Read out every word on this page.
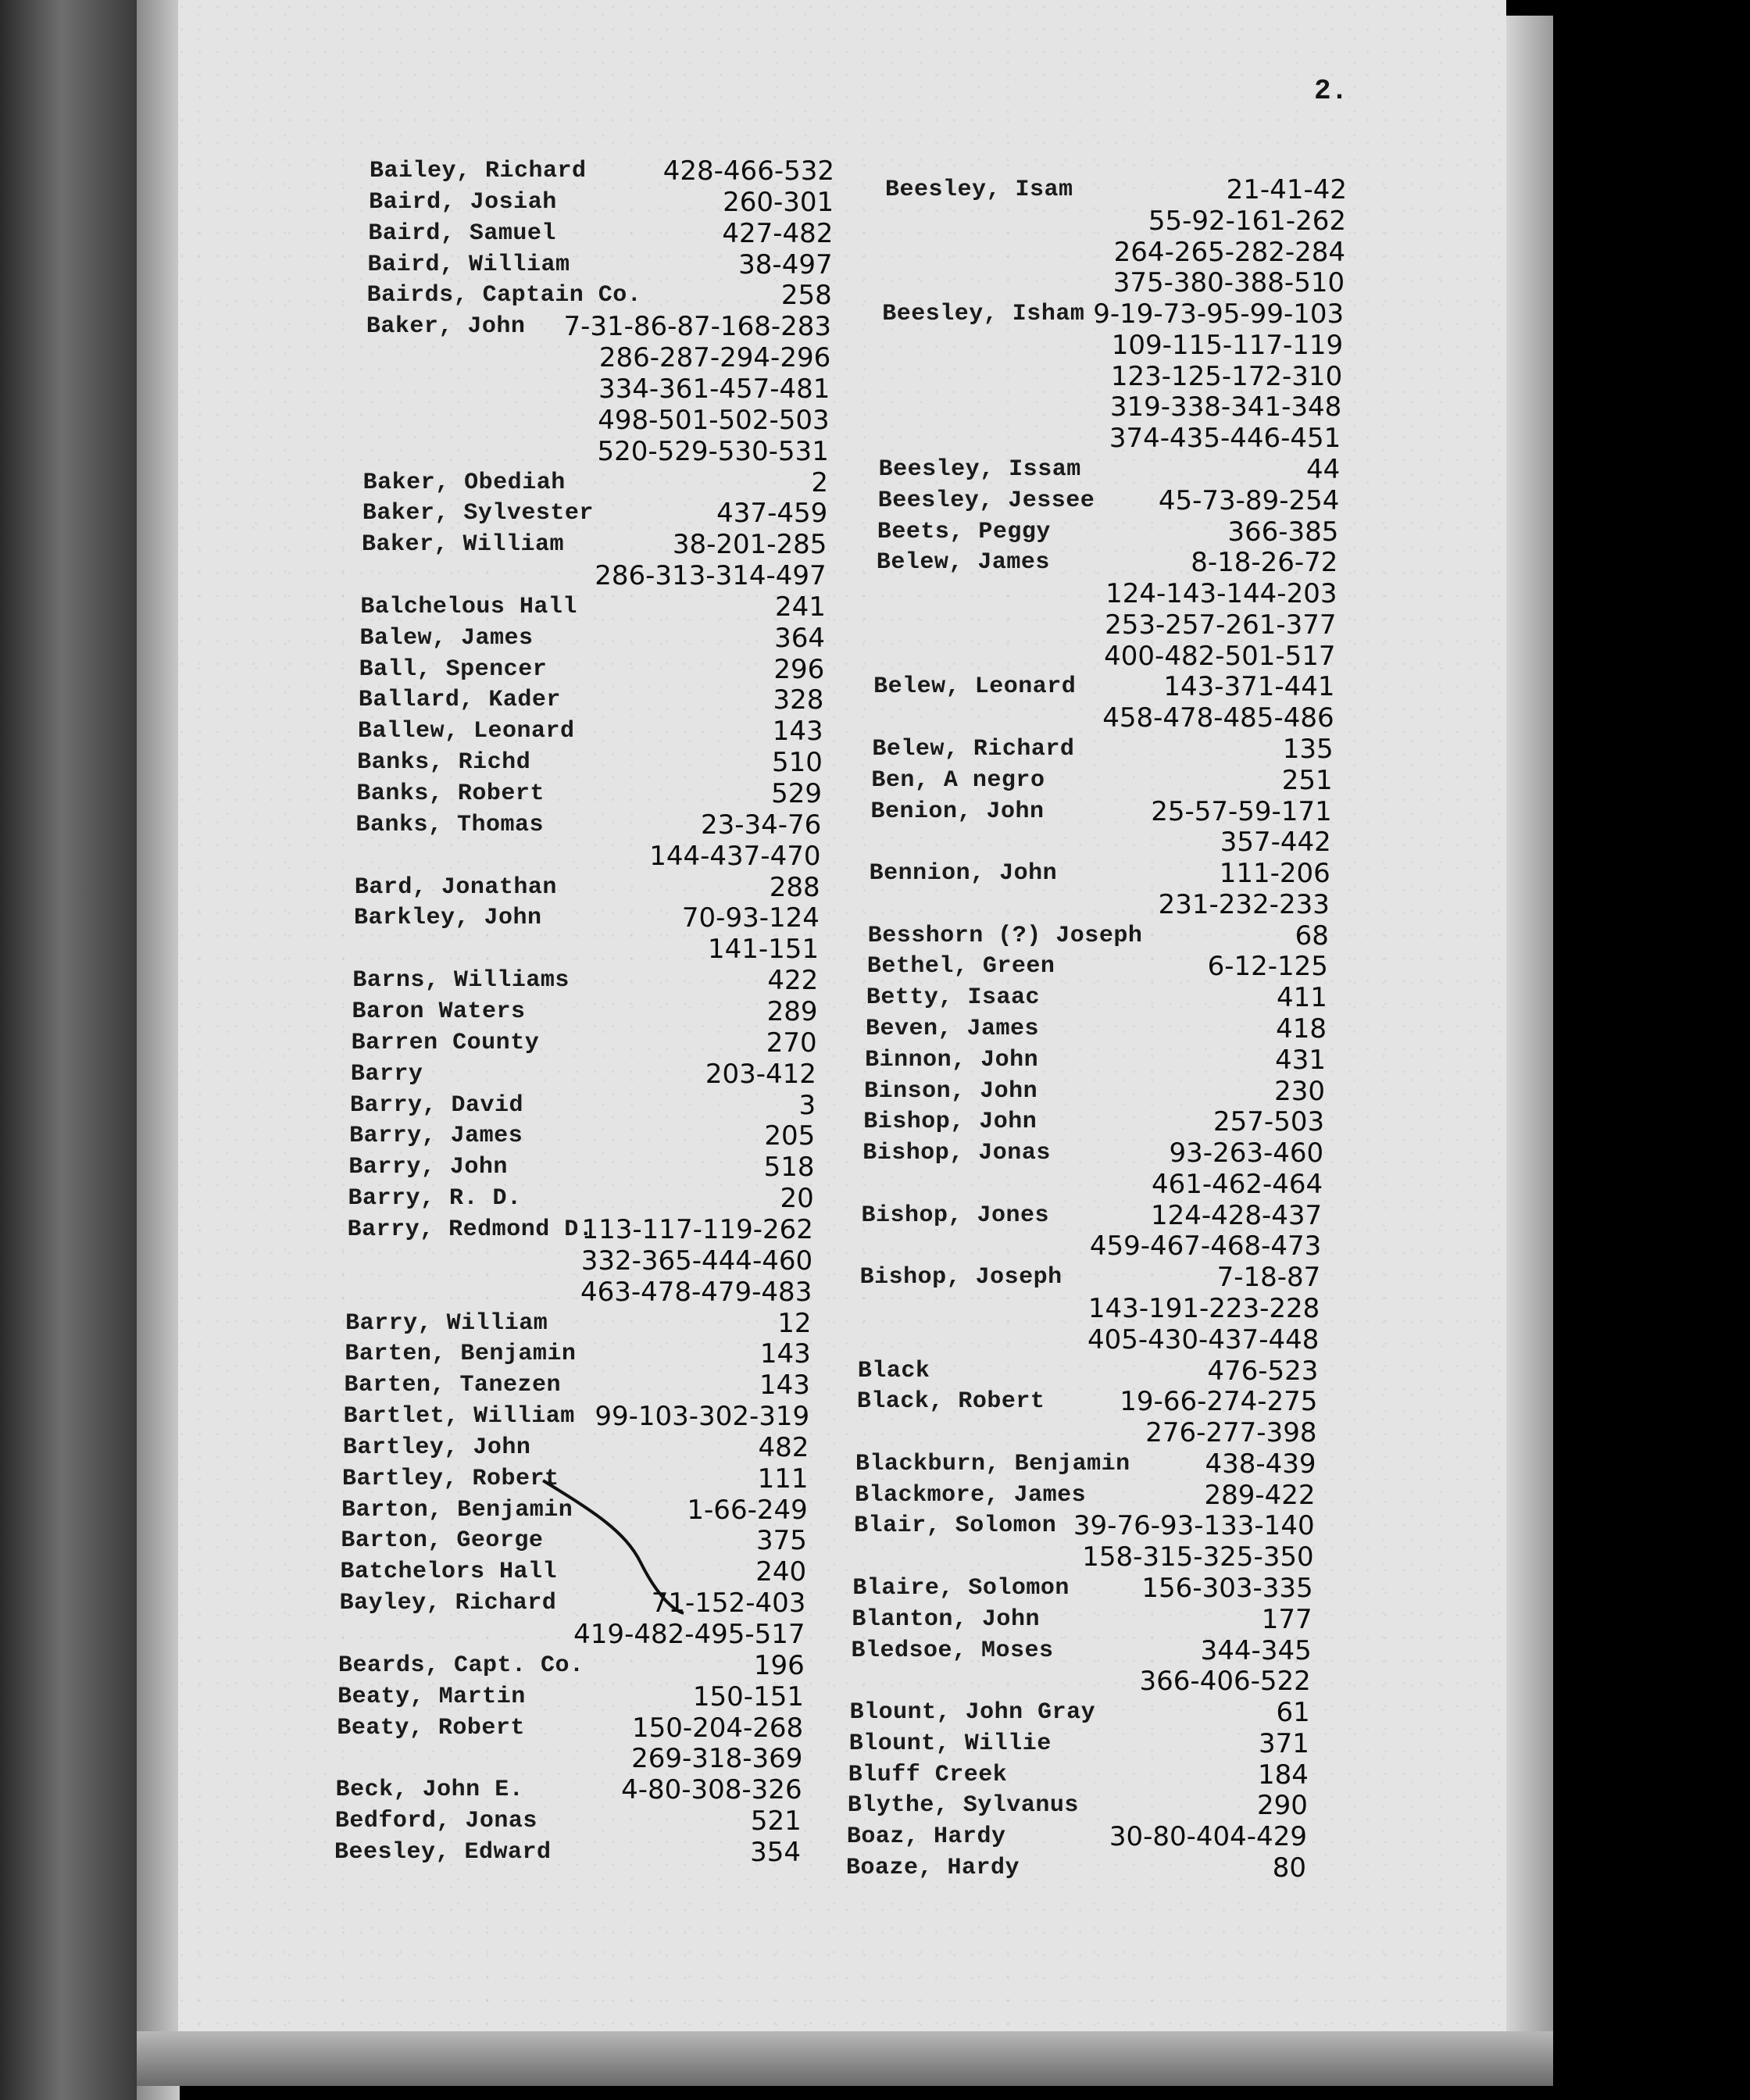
2.
Bailey, Richard	428-466-532
Baird, Josiah	260-301
Baird, Samuel	427-482
Baird, William	38-497
Bairds, Captain Co.	258
Baker, John 7-31-86-87-168-283
286-287-294-296
334-361-457-481
498-501-502-503
520-529-530-531
Baker, Obediah	2
Baker, Sylvester	437-459
Baker, William	38-201-285
286-313-314-497
Balchelous Hall	241
Balew, James	364
Ball, Spencer	296
Ballard, Kader	328
Ballew, Leonard	143
Banks, Richd	510
Banks, Robert	529
Banks, Thomas	23-34-76
144-437-470
Bard, Jonathan	288
Barkley, John	70-93-124
141-151
Barns, Williams	422
Baron Waters	289
Barren County	270
Barry	203-412
Barry, David	3
Barry, James	205
Barry, John	518
Barry, R. D.	20
Barry, Redmond D.
113-117-119-262
332-365-444-460
463-478-479-483
Barry, William	12
Barten, Benjamin	143
Barten, Tanezen	143
Bartlet, William 99-103-302-319
Bartley, John	482
Bartley, Robert	111
Barton, Benjamin	1-66-249
Barton, George	375
Batchelors Hall	240
Bayley, Richard	71-152-403
419-482-495-517
Beards, Capt. Co.	196
Beaty, Martin	150-151
Beaty, Robert	150-204-268
269-318-369
Beck, John E.	4-80-308-326
Bedford, Jonas	521
Beesley, Edward	354
Beesley, Isam	21-41-42
55-92-161-262
264-265-282-284
375-380-388-510
Beesley, Isham 9-19-73-95-99-103
109-115-117-119
123-125-172-310
319-338-341-348
374-435-446-451
Beesley, Issam	44
Beesley, Jessee 45-73-89-254
Beets, Peggy	366-385
Belew, James	8-18-26-72
124-143-144-203
253-257-261-377
400-482-501-517
Belew, Leonard	143-371-441
458-478-485-486
Belew, Richard	135
Ben, A negro	251
Benion, John	25-57-59-171
357-442
Bennion, John	111-206
231-232-233
Besshorn (?) Joseph	68
Bethel, Green	6-12-125
Betty, Isaac	411
Beven, James	418
Binnon, John	431
Binson, John	230
Bishop, John	257-503
Bishop, Jonas	93-263-460
461-462-464
Bishop, Jones	124-428-437
459-467-468-473
Bishop, Joseph	7-18-87
143-191-223-228
405-430-437-448
Black	476-523
Black, Robert	19-66-274-275
276-277-398
Blackburn, Benjamin	438-439
Blackmore, James	289-422
Blair, Solomon 39-76-93-133-140
158-315-325-350
Blaire, Solomon	156-303-335
Blanton, John	177
Bledsoe, Moses	344-345
366-406-522
Blount, John Gray	61
Blount, Willie	371
Bluff Creek	184
Blythe, Sylvanus	290
Boaz, Hardy	30-80-404-429
Boaze, Hardy	80
